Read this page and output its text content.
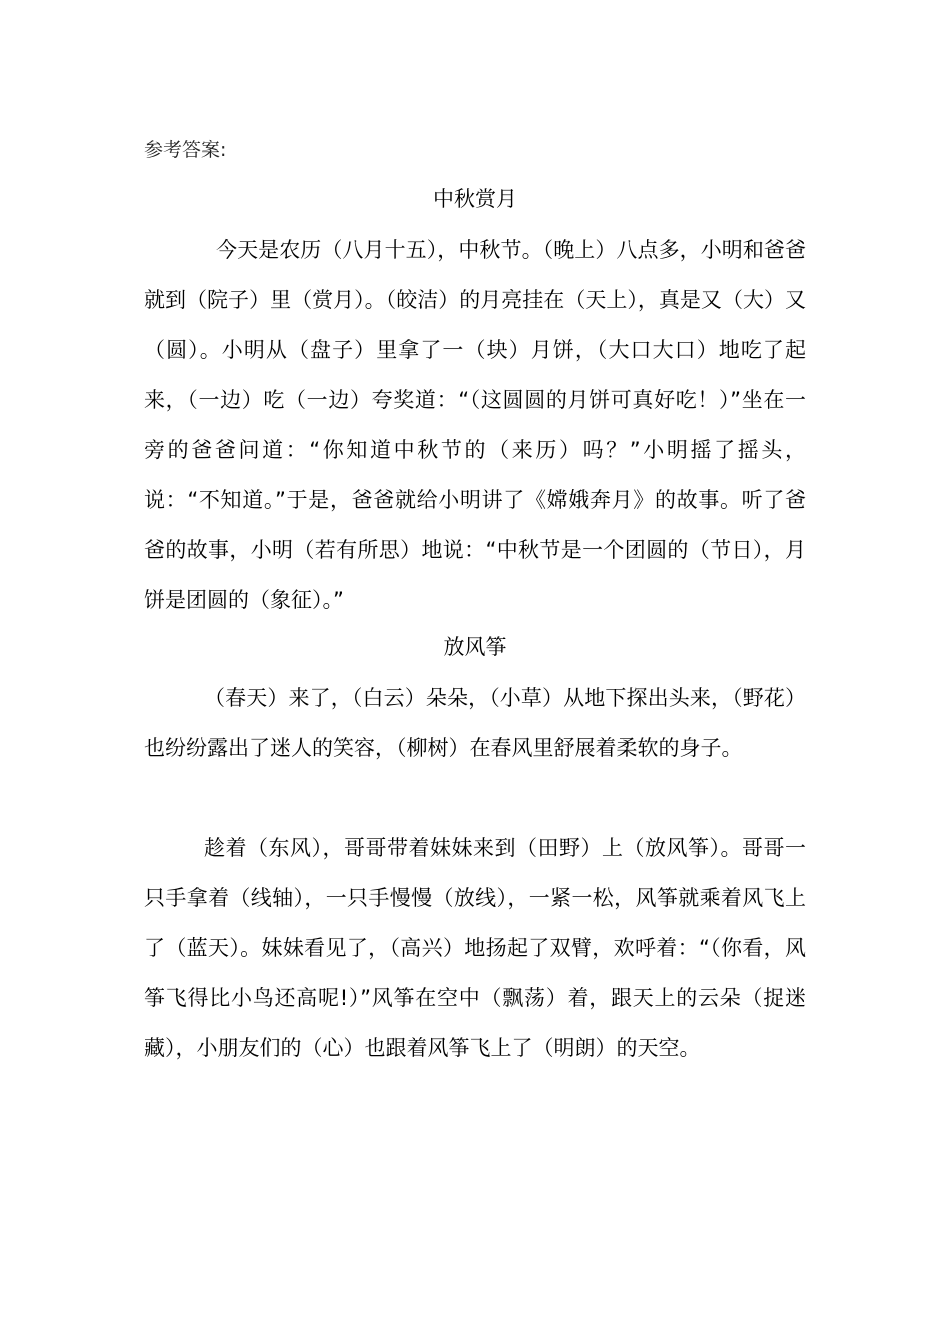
参考答案:
中秋赏月

今天是农历（八月十五），中秋节。（晚上）八点多，小明和爸爸就到（院子）里（赏月）。（皎洁）的月亮挂在（天上），真是又（大）又（圆）。小明从（盘子）里拿了一（块）月饼，（大口大口）地吃了起来，（一边）吃（一边）夸奖道：“（这圆圆的月饼可真好吃！）”坐在一旁的爸爸问道：“你知道中秋节的（来历）吗？”小明摇了摇头，说：“不知道。”于是，爸爸就给小明讲了《嫦娥奔月》的故事。听了爸爸的故事，小明（若有所思）地说：“中秋节是一个团圆的（节日），月饼是团圆的（象征）。”

放风筝

（春天）来了，（白云）朵朵，（小草）从地下探出头来，（野花）也纷纷露出了迷人的笑容，（柳树）在春风里舒展着柔软的身子。

趁着（东风），哥哥带着妹妹来到（田野）上（放风筝）。哥哥一只手拿着（线轴），一只手慢慢（放线），一紧一松，风筝就乘着风飞上了（蓝天）。妹妹看见了，（高兴）地扬起了双臂，欢呼着：“（你看，风筝飞得比小鸟还高呢!）”风筝在空中（飘荡）着，跟天上的云朵（捉迷藏），小朋友们的（心）也跟着风筝飞上了（明朗）的天空。
